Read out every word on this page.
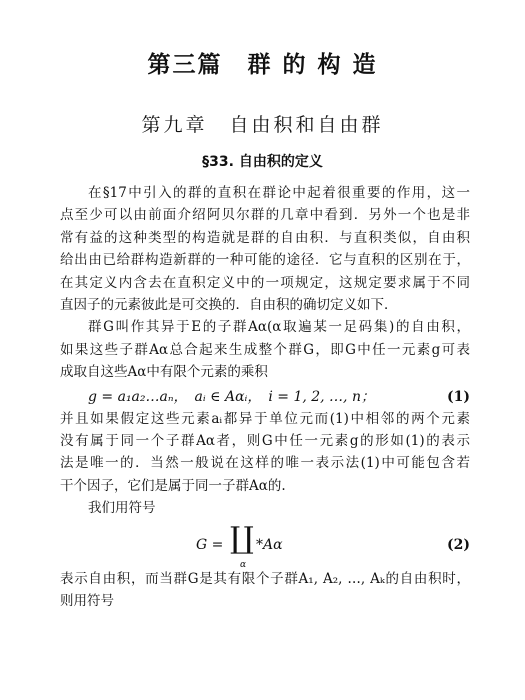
第三篇　群 的 构 造
第九章　自由积和自由群
§33. 自由积的定义

在§17中引入的群的直积在群论中起着很重要的作用，这一

点至少可以由前面介绍阿贝尔群的几章中看到．另外一个也是非

常有益的这种类型的构造就是群的自由积．与直积类似，自由积

给出由已给群构造新群的一种可能的途径．它与直积的区别在于，

在其定义内含去在直积定义中的一项规定，这规定要求属于不同

直因子的元素彼此是可交换的．自由积的确切定义如下．

群G叫作其异于E的子群Aα(α取遍某一足码集)的自由积，

如果这些子群Aα总合起来生成整个群G，即G中任一元素g可表

成取自这些Aα中有限个元素的乘积

g = a₁a₂…aₙ，　aᵢ ∈ Aαᵢ，　i = 1, 2, …, n；	(1)

并且如果假定这些元素aᵢ都异于单位元而(1)中相邻的两个元素

没有属于同一个子群Aα者，则G中任一元素g的形如(1)的表示

法是唯一的．当然一般说在这样的唯一表示法(1)中可能包含若

干个因子，它们是属于同一子群Aα的.

我们用符号

G = ∐
α
*Aα	(2)

表示自由积，而当群G是其有限个子群A₁, A₂, …, Aₖ的自由积时，

则用符号
